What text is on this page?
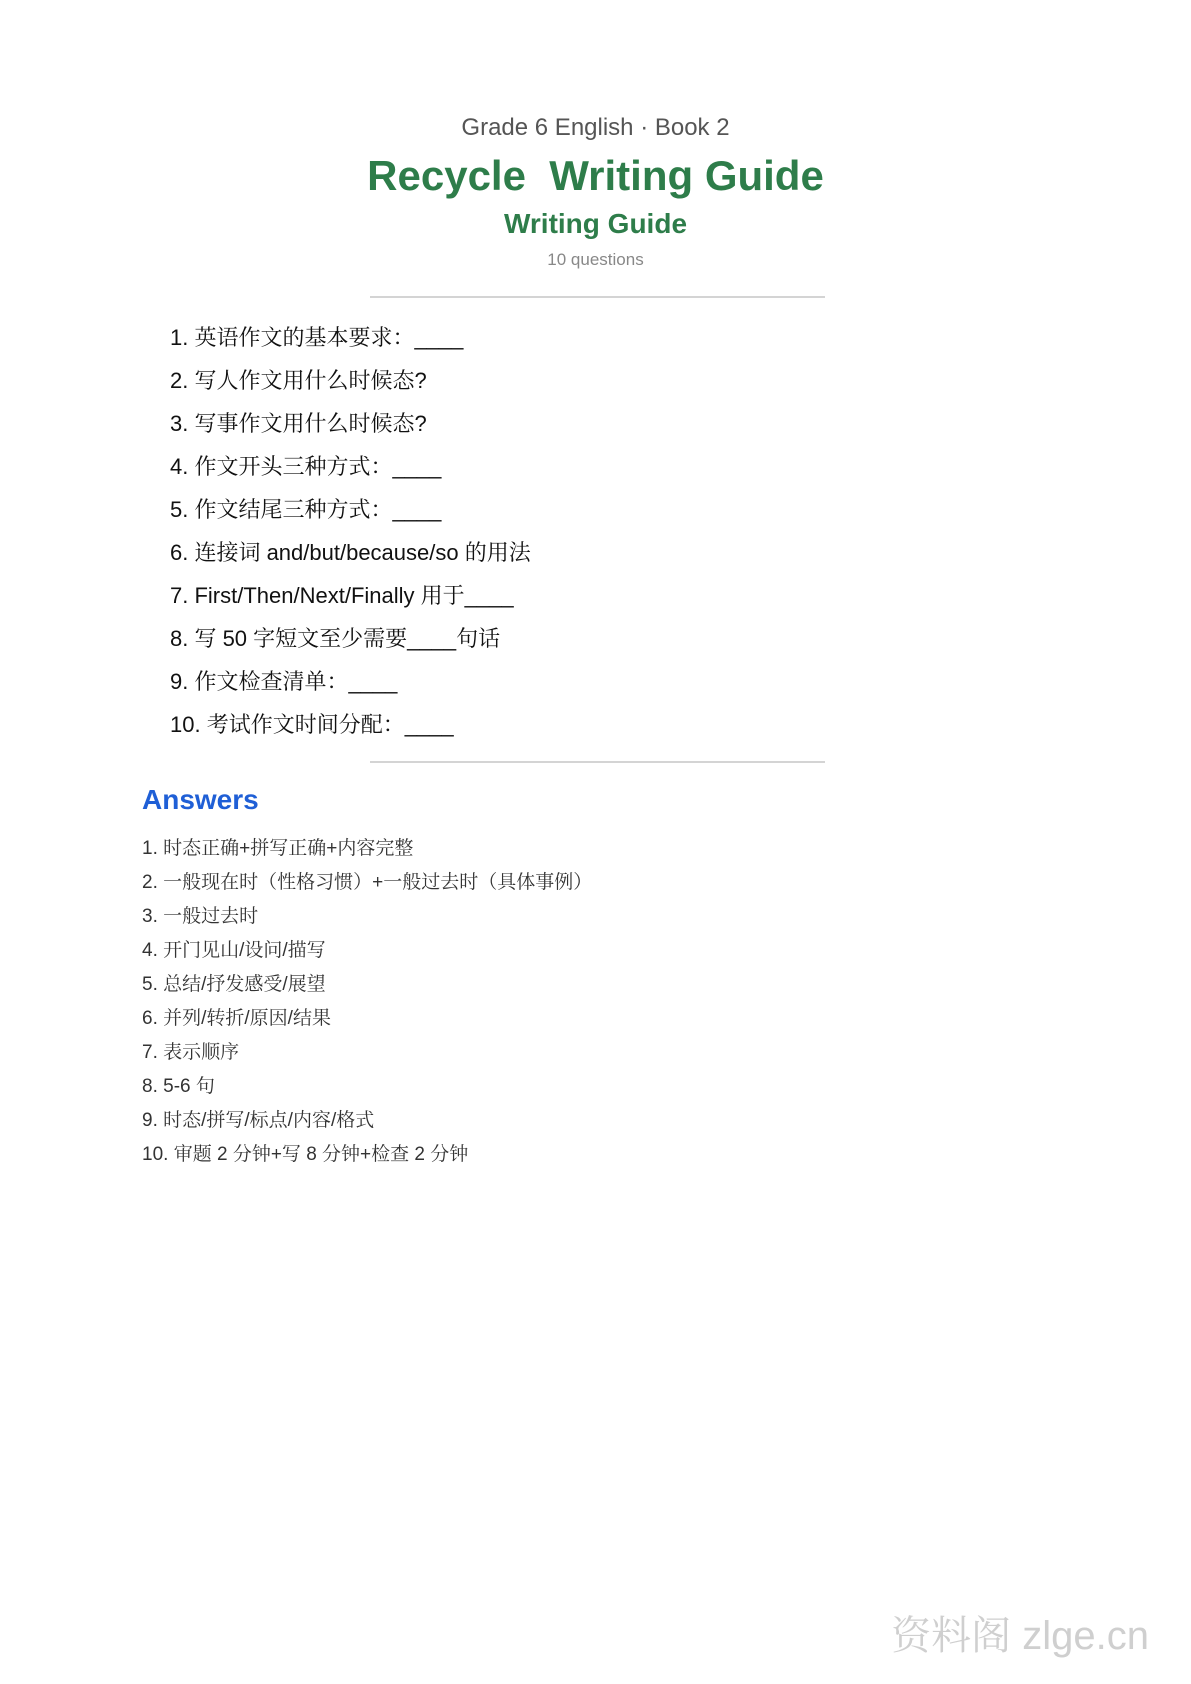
Grade 6 English · Book 2
Recycle  Writing Guide
Writing Guide
10 questions
1. 英语作文的基本要求：____
2. 写人作文用什么时候态?
3. 写事作文用什么时候态?
4. 作文开头三种方式：____
5. 作文结尾三种方式：____
6. 连接词 and/but/because/so 的用法
7. First/Then/Next/Finally 用于____
8. 写 50 字短文至少需要____句话
9. 作文检查清单：____
10. 考试作文时间分配：____
Answers
1. 时态正确+拼写正确+内容完整
2. 一般现在时（性格习惯）+一般过去时（具体事例）
3. 一般过去时
4. 开门见山/设问/描写
5. 总结/抒发感受/展望
6. 并列/转折/原因/结果
7. 表示顺序
8. 5-6 句
9. 时态/拼写/标点/内容/格式
10. 审题 2 分钟+写 8 分钟+检查 2 分钟
资料阁 zlge.cn
